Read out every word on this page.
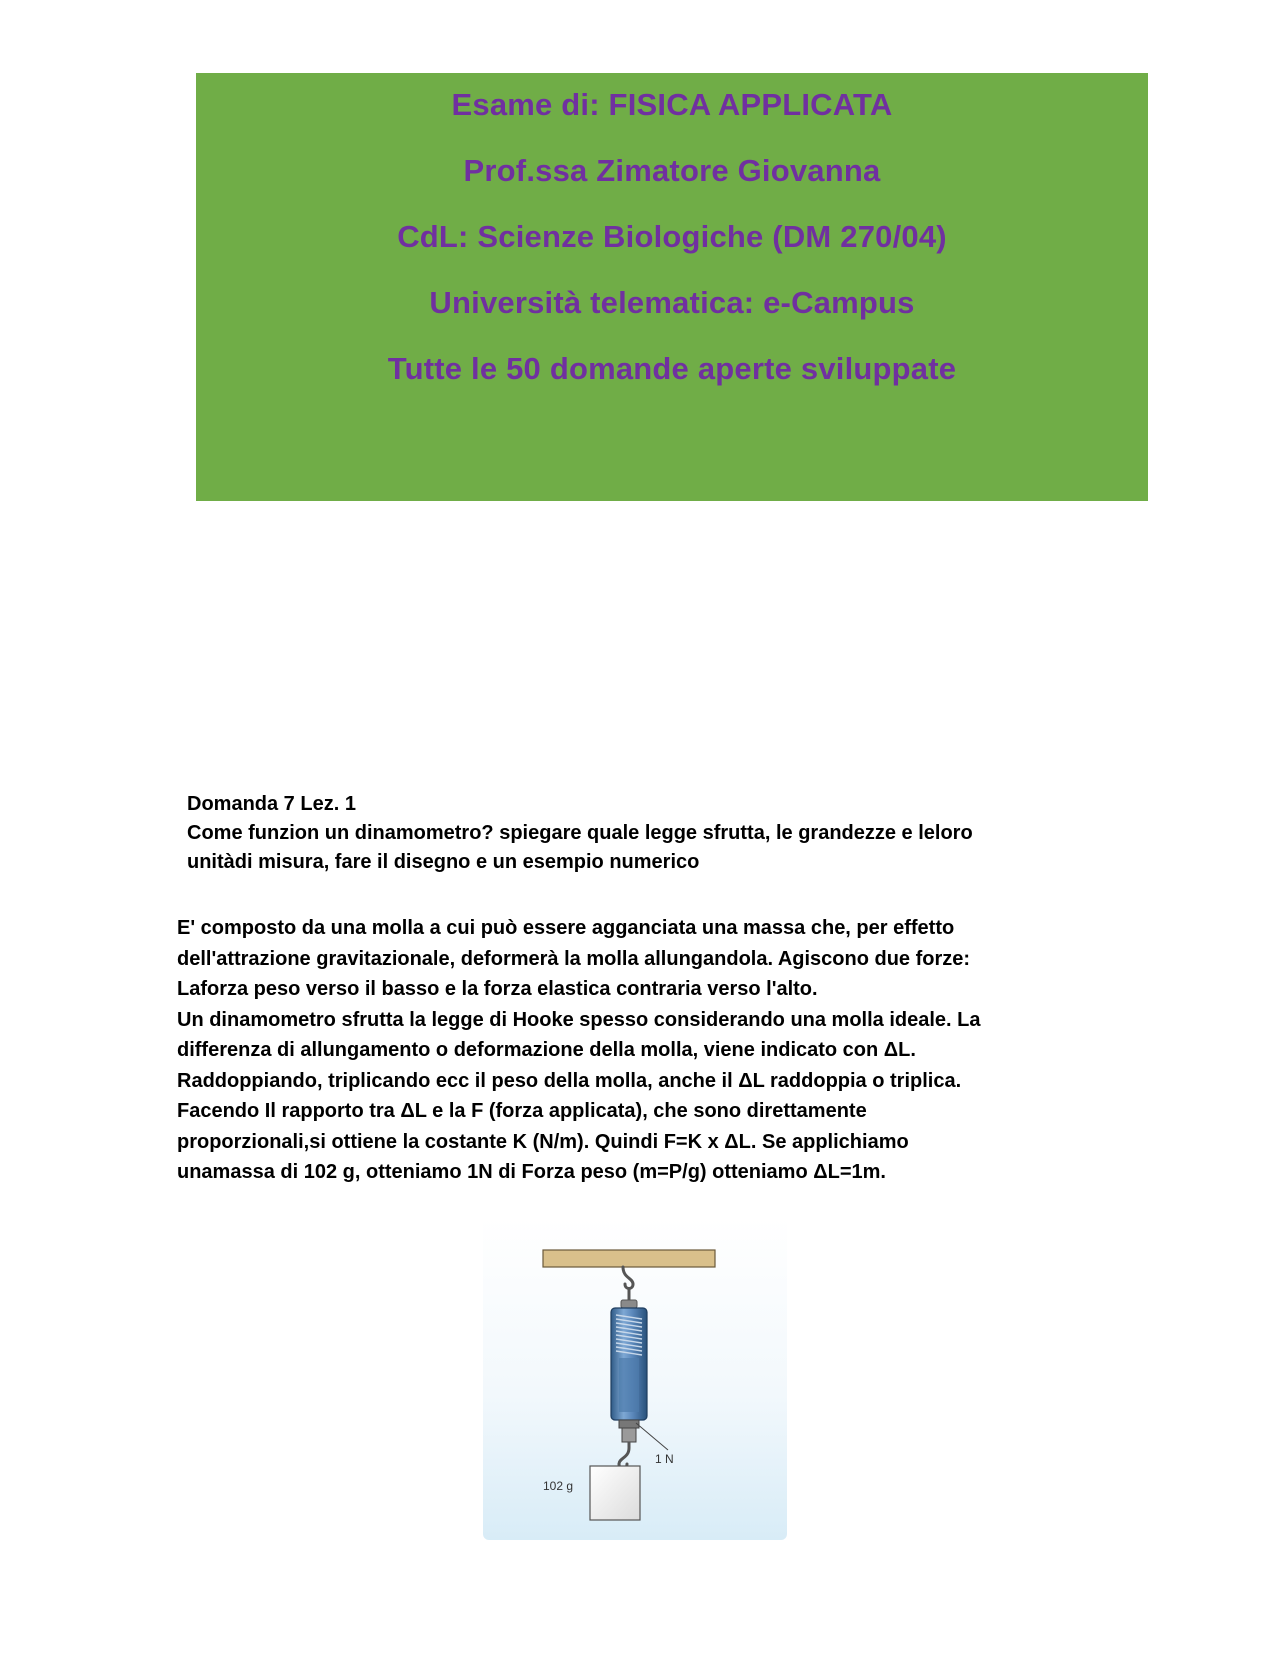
Esame di: FISICA APPLICATA
Prof.ssa Zimatore Giovanna
CdL: Scienze Biologiche (DM 270/04)
Università telematica: e-Campus
Tutte le 50 domande aperte sviluppate
Domanda 7 Lez. 1
Come funzion un dinamometro? spiegare quale legge sfrutta, le grandezze e leloro
unitàdi misura, fare il disegno e un esempio numerico
E' composto da una molla a cui può essere agganciata una massa che, per effetto
dell'attrazione gravitazionale, deformerà la molla allungandola. Agiscono due forze:
Laforza peso verso il basso e la forza elastica contraria verso l'alto.
Un dinamometro sfrutta la legge di Hooke spesso considerando una molla ideale. La
differenza di allungamento o deformazione della molla, viene indicato con ΔL.
Raddoppiando, triplicando ecc il peso della molla, anche il ΔL raddoppia o triplica.
Facendo Il rapporto tra ΔL e la F (forza applicata), che sono direttamente
proporzionali,si ottiene la costante K (N/m). Quindi F=K x ΔL. Se applichiamo
unamassa di 102 g, otteniamo 1N di Forza peso (m=P/g) otteniamo ΔL=1m.
1 N
102 g
